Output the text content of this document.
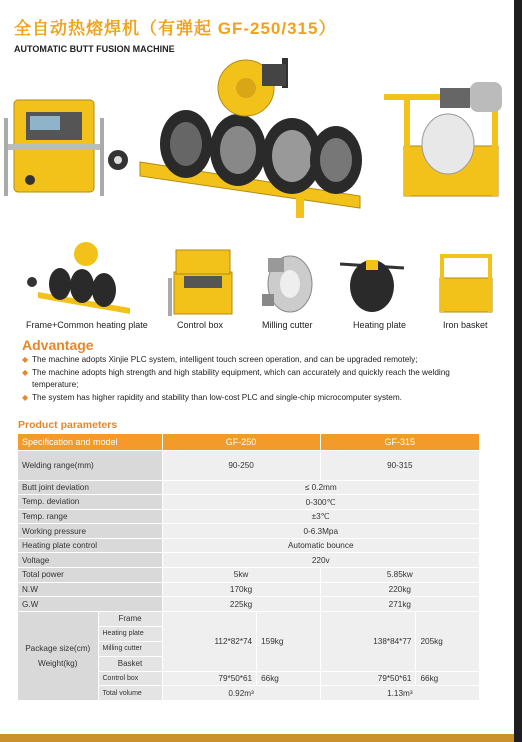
全自动热熔焊机（有弹起 GF-250/315）
AUTOMATIC BUTT FUSION MACHINE
Frame+Common heating plate	Control box	Milling cutter	Heating plate	Iron basket
Advantage
◆ The machine adopts Xinjie PLC system, intelligent touch screen operation, and can be upgraded remotely;
◆ The machine adopts high strength and high stability equipment, which can accurately and quickly reach the welding temperature;
◆ The system has higher rapidity and stability than low-cost PLC and single-chip microcomputer system.
Product parameters
Specification and model		GF-250		GF-315	
Welding range(mm)		90-250		90-315	
Butt joint deviation		≤ 0.2mm			
Temp. deviation		0-300℃			
Temp. range		±3℃			
Working pressure		0-6.3Mpa			
Heating plate control		Automatic bounce			
Voltage		220v			
Total power		5kw		5.85kw	
N.W		170kg		220kg	
G.W		225kg		271kg	

Package size(cm)
Weight(kg)	Frame	112*82*74	159kg	138*84*77	205kg
	Heating plate				
	Milling cutter				
	Basket				
	Control box	79*50*61	66kg	79*50*61	66kg
	Total volume	0.92m³		1.13m³	
